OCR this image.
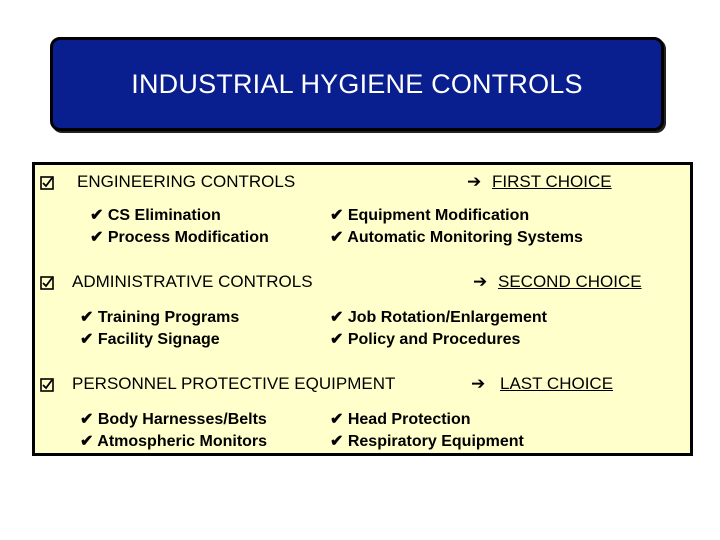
INDUSTRIAL HYGIENE CONTROLS
ENGINEERING CONTROLS	➔ FIRST CHOICE
✔ CS Elimination
✔ Process Modification
✔ Equipment Modification
✔ Automatic Monitoring Systems
ADMINISTRATIVE CONTROLS	➔ SECOND CHOICE
✔ Training Programs
✔ Facility Signage
✔ Job Rotation/Enlargement
✔ Policy and Procedures
PERSONNEL PROTECTIVE EQUIPMENT	➔ LAST CHOICE
✔ Body Harnesses/Belts
✔ Atmospheric Monitors
✔ Head Protection
✔ Respiratory Equipment
